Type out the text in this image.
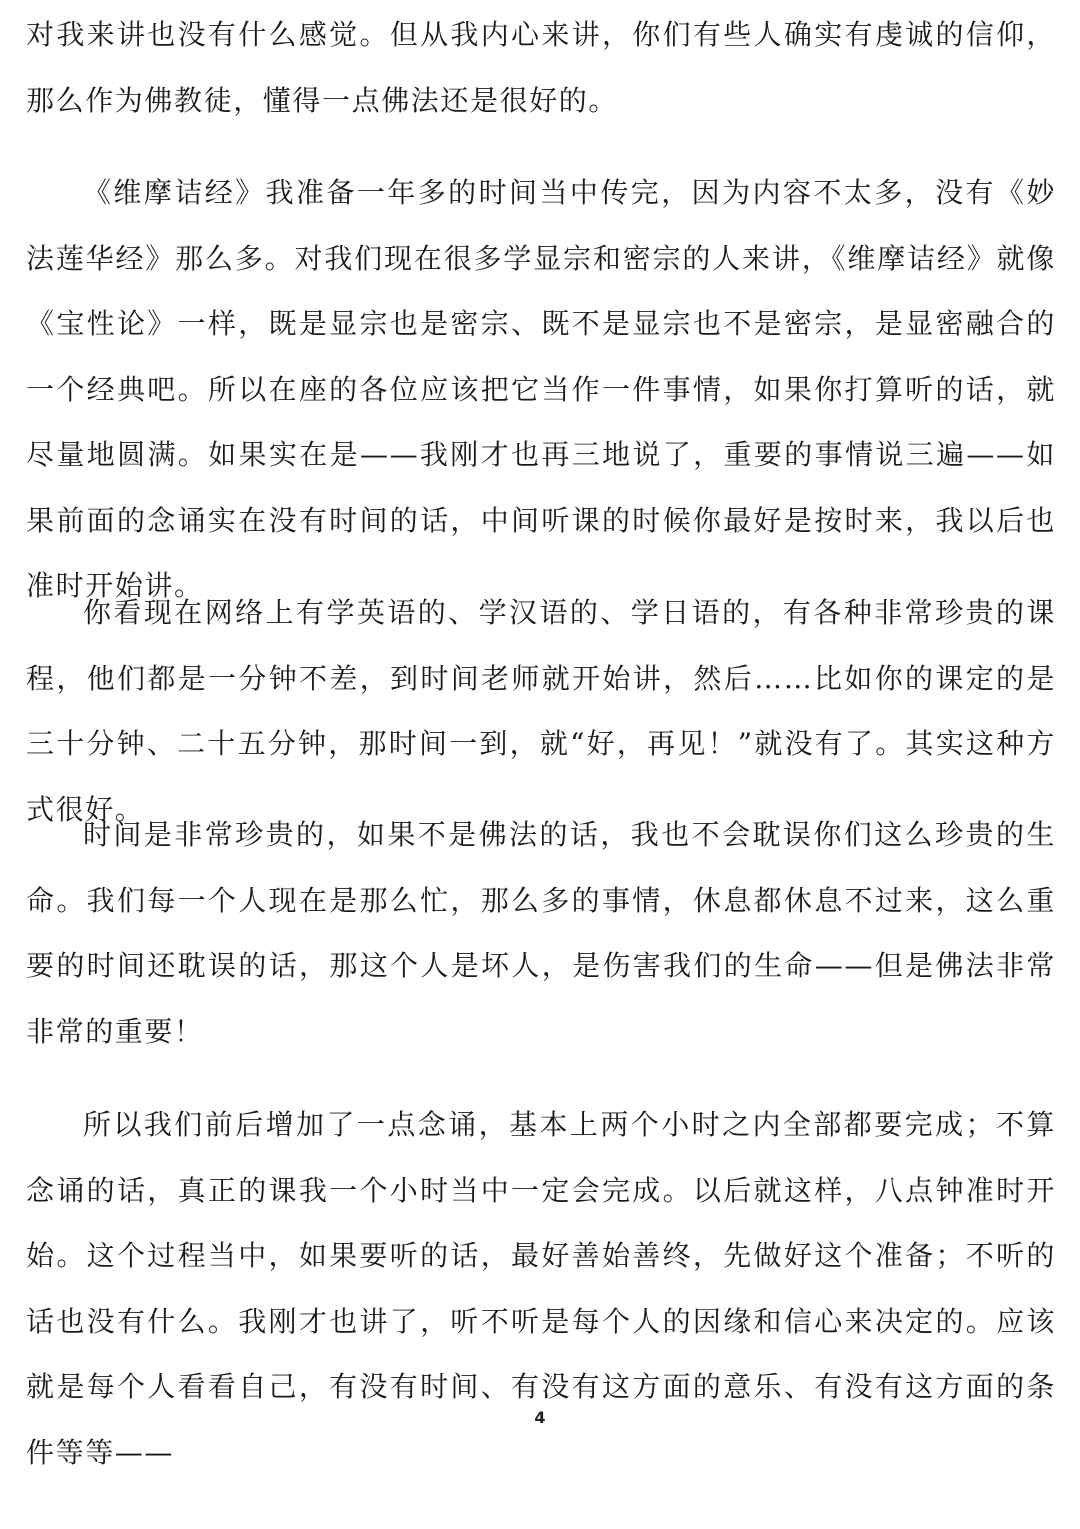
对我来讲也没有什么感觉。但从我内心来讲，你们有些人确实有虔诚的信仰，那么作为佛教徒，懂得一点佛法还是很好的。

《维摩诘经》我准备一年多的时间当中传完，因为内容不太多，没有《妙法莲华经》那么多。对我们现在很多学显宗和密宗的人来讲，《维摩诘经》就像《宝性论》一样，既是显宗也是密宗、既不是显宗也不是密宗，是显密融合的一个经典吧。所以在座的各位应该把它当作一件事情，如果你打算听的话，就尽量地圆满。如果实在是——我刚才也再三地说了，重要的事情说三遍——如果前面的念诵实在没有时间的话，中间听课的时候你最好是按时来，我以后也准时开始讲。

你看现在网络上有学英语的、学汉语的、学日语的，有各种非常珍贵的课程，他们都是一分钟不差，到时间老师就开始讲，然后……比如你的课定的是三十分钟、二十五分钟，那时间一到，就“好，再见！”就没有了。其实这种方式很好。

时间是非常珍贵的，如果不是佛法的话，我也不会耽误你们这么珍贵的生命。我们每一个人现在是那么忙，那么多的事情，休息都休息不过来，这么重要的时间还耽误的话，那这个人是坏人，是伤害我们的生命——但是佛法非常非常的重要！

所以我们前后增加了一点念诵，基本上两个小时之内全部都要完成；不算念诵的话，真正的课我一个小时当中一定会完成。以后就这样，八点钟准时开始。这个过程当中，如果要听的话，最好善始善终，先做好这个准备；不听的话也没有什么。我刚才也讲了，听不听是每个人的因缘和信心来决定的。应该就是每个人看看自己，有没有时间、有没有这方面的意乐、有没有这方面的条件等等——

4
